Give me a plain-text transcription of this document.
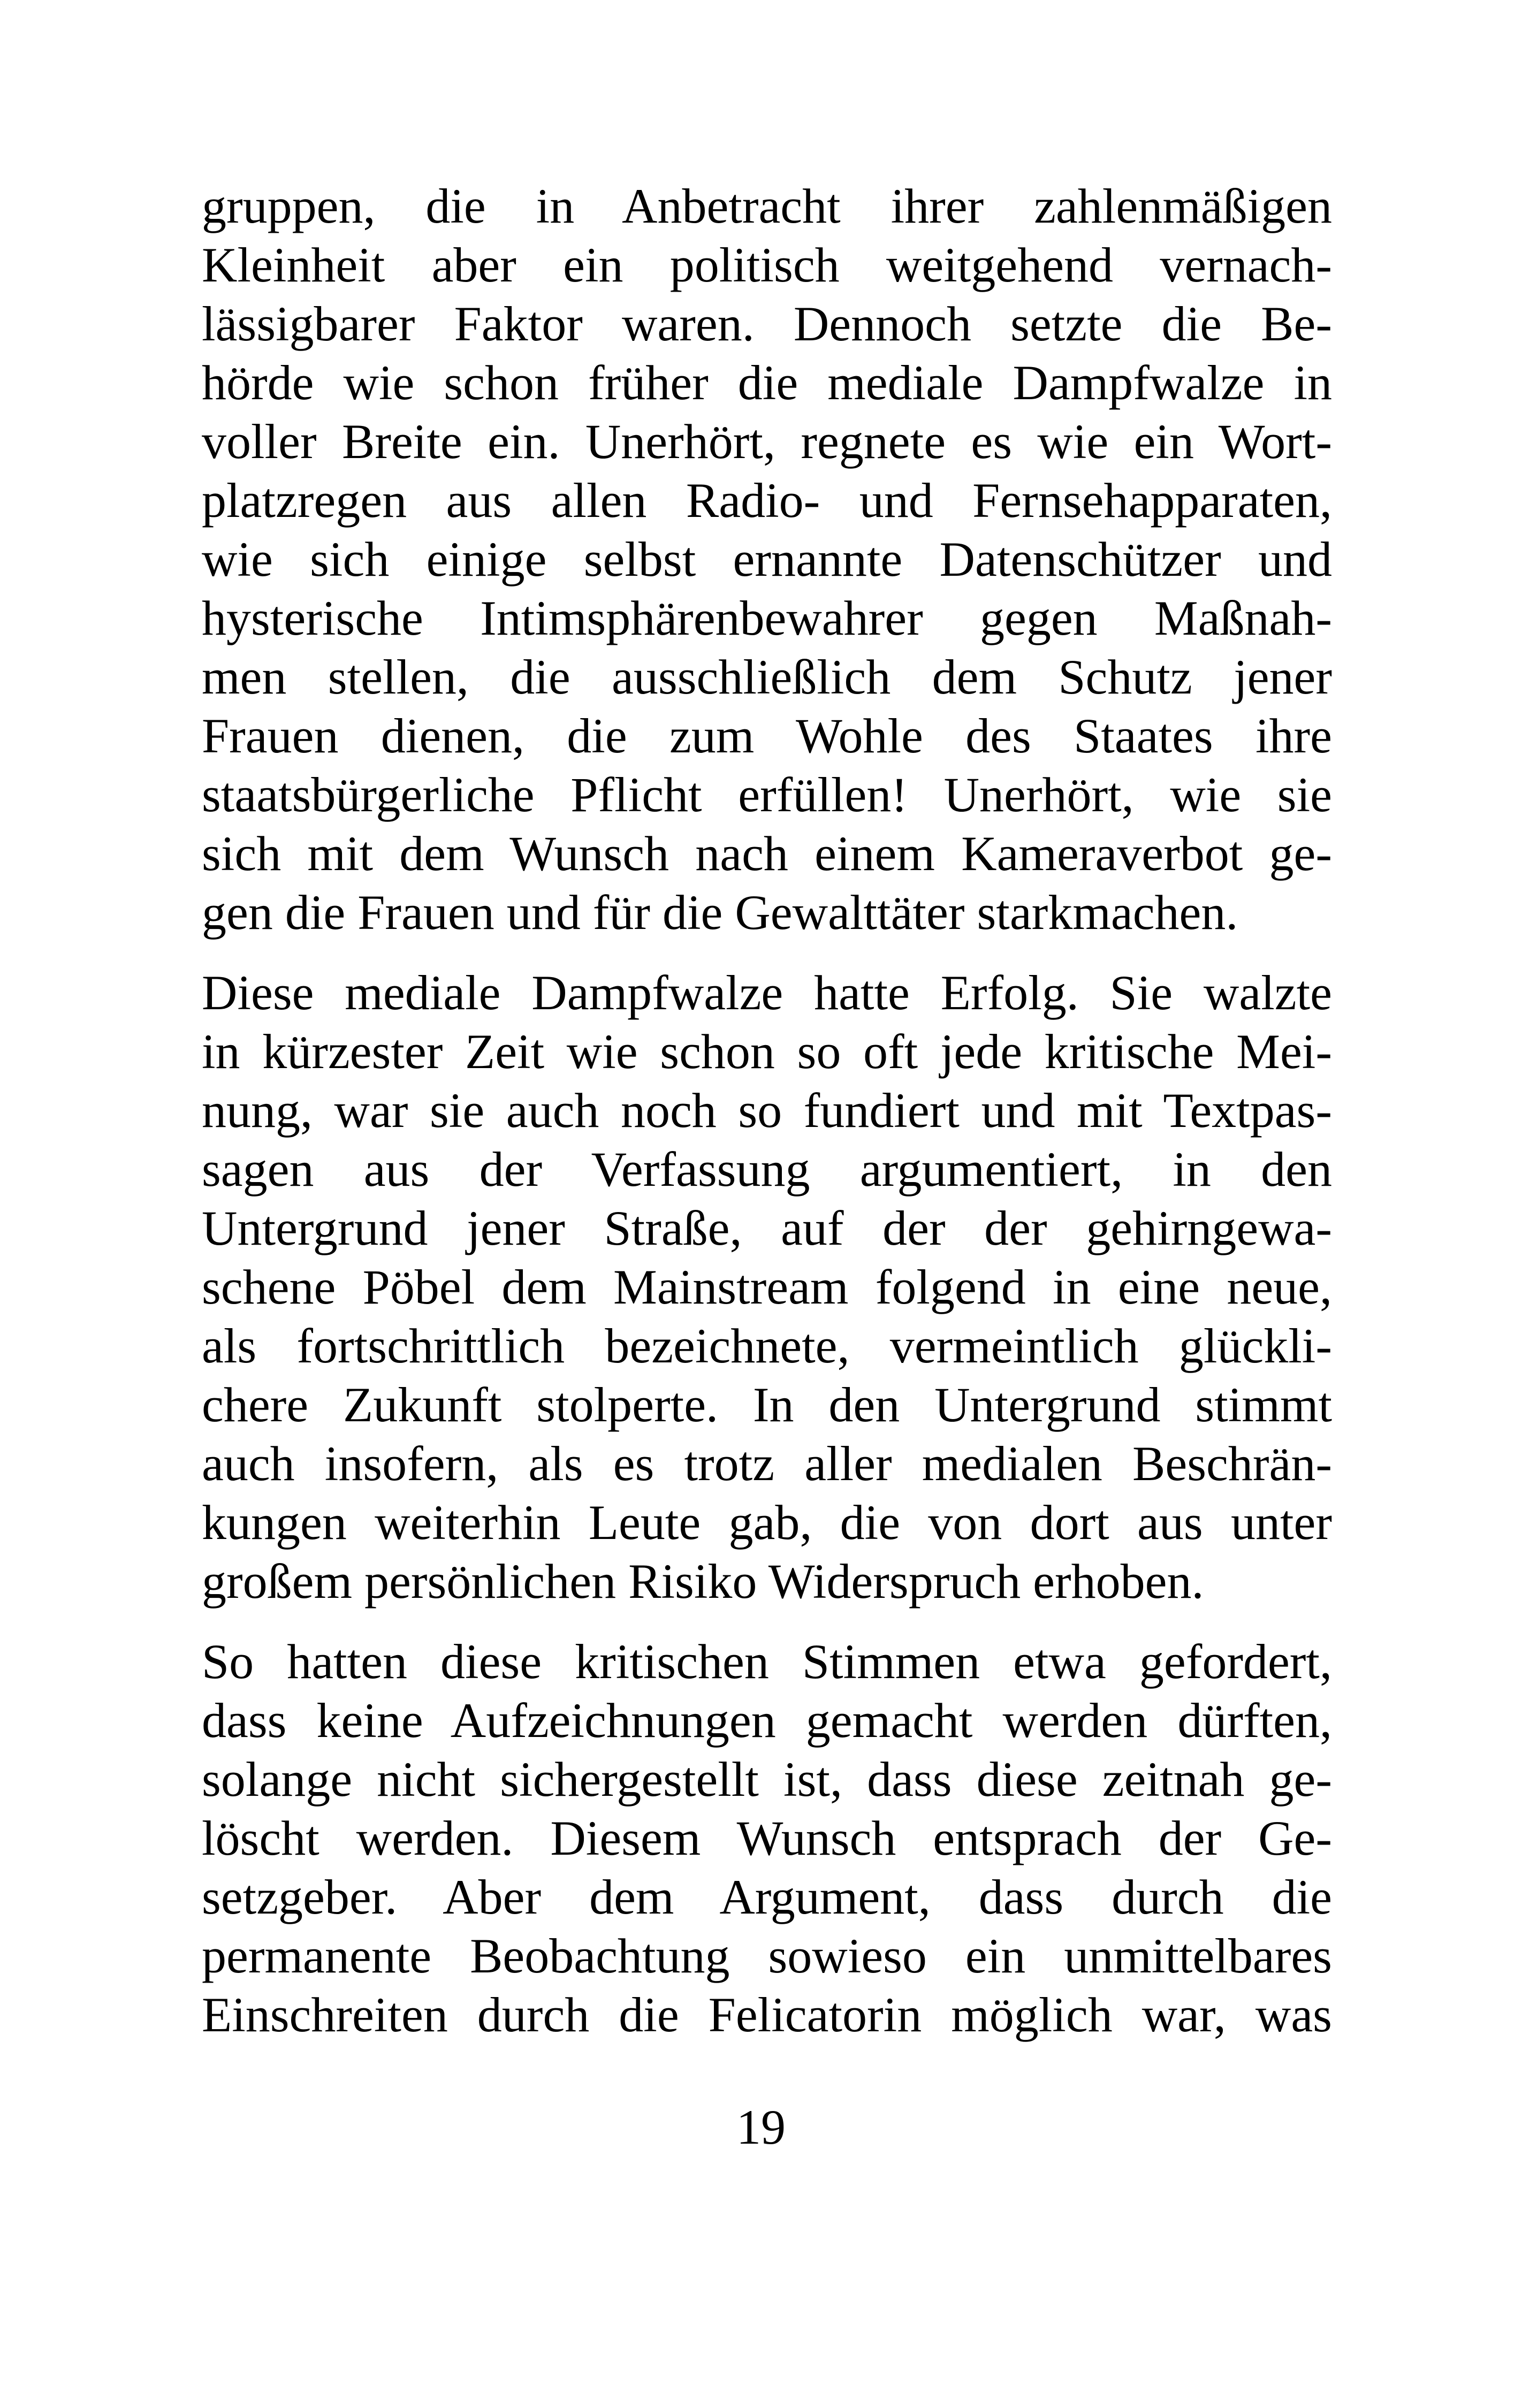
gruppen, die in Anbetracht ihrer zahlenmäßigen
Kleinheit aber ein politisch weitgehend vernach-
lässigbarer Faktor waren. Dennoch setzte die Be-
hörde wie schon früher die mediale Dampfwalze in
voller Breite ein. Unerhört, regnete es wie ein Wort-
platzregen aus allen Radio- und Fernsehapparaten,
wie sich einige selbst ernannte Datenschützer und
hysterische Intimsphärenbewahrer gegen Maßnah-
men stellen, die ausschließlich dem Schutz jener
Frauen dienen, die zum Wohle des Staates ihre
staatsbürgerliche Pflicht erfüllen! Unerhört, wie sie
sich mit dem Wunsch nach einem Kameraverbot ge-
gen die Frauen und für die Gewalttäter starkmachen.
Diese mediale Dampfwalze hatte Erfolg. Sie walzte
in kürzester Zeit wie schon so oft jede kritische Mei-
nung, war sie auch noch so fundiert und mit Textpas-
sagen aus der Verfassung argumentiert, in den
Untergrund jener Straße, auf der der gehirngewa-
schene Pöbel dem Mainstream folgend in eine neue,
als fortschrittlich bezeichnete, vermeintlich glückli-
chere Zukunft stolperte. In den Untergrund stimmt
auch insofern, als es trotz aller medialen Beschrän-
kungen weiterhin Leute gab, die von dort aus unter
großem persönlichen Risiko Widerspruch erhoben.
So hatten diese kritischen Stimmen etwa gefordert,
dass keine Aufzeichnungen gemacht werden dürften,
solange nicht sichergestellt ist, dass diese zeitnah ge-
löscht werden. Diesem Wunsch entsprach der Ge-
setzgeber. Aber dem Argument, dass durch die
permanente Beobachtung sowieso ein unmittelbares
Einschreiten durch die Felicatorin möglich war, was
19
